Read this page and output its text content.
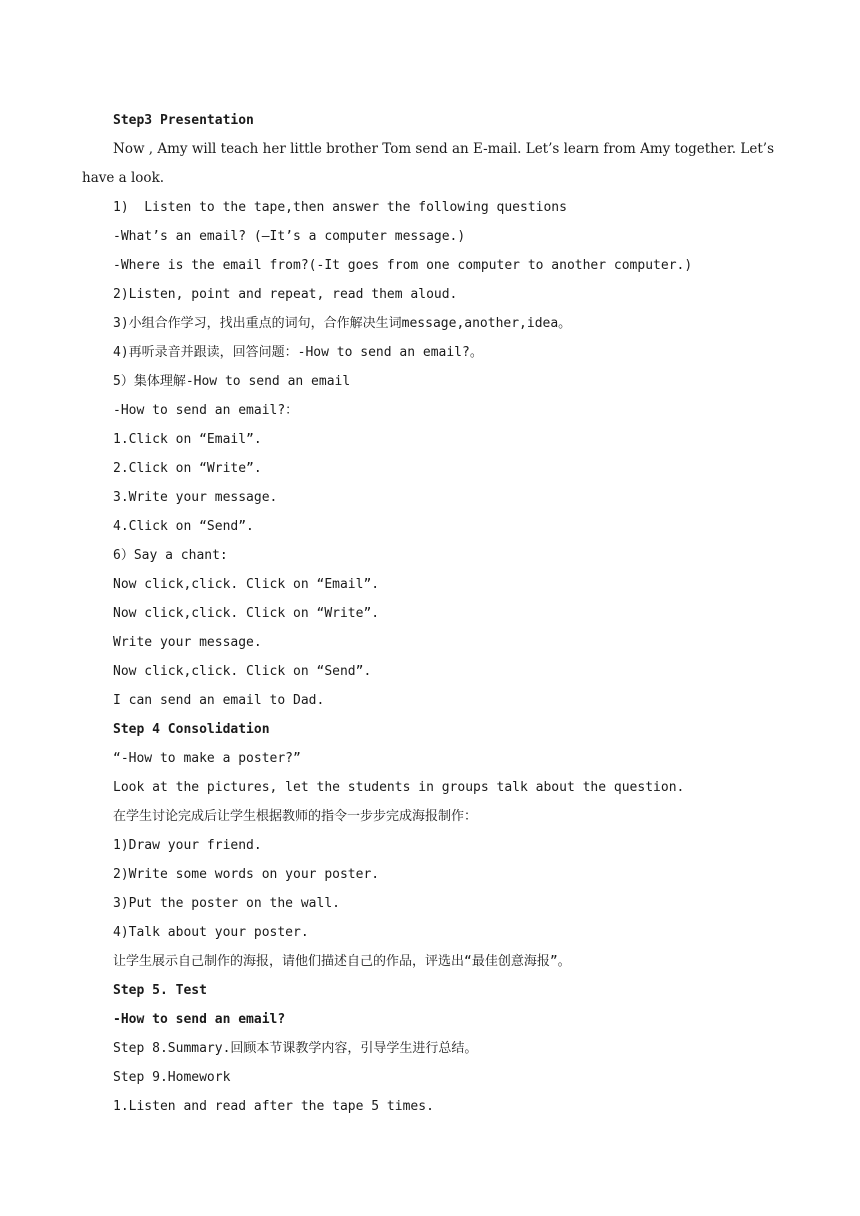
Step3 Presentation
Now , Amy will teach her little brother Tom send an E-mail. Let’s learn from Amy together. Let’s have a look.
1)  Listen to the tape,then answer the following questions
-What’s an email? (—It’s a computer message.)
-Where is the email from?(-It goes from one computer to another computer.)
2)Listen, point and repeat, read them aloud.
3)小组合作学习，找出重点的词句，合作解决生词message,another,idea。
4)再听录音并跟读，回答问题：-How to send an email?。
5）集体理解-How to send an email
-How to send an email?：
1.Click on “Email”.
2.Click on “Write”.
3.Write your message.
4.Click on “Send”.
6）Say a chant:
Now click,click. Click on “Email”.
Now click,click. Click on “Write”.
Write your message.
Now click,click. Click on “Send”.
I can send an email to Dad.
Step 4 Consolidation
“-How to make a poster?”
Look at the pictures, let the students in groups talk about the question.
在学生讨论完成后让学生根据教师的指令一步步完成海报制作：
1)Draw your friend.
2)Write some words on your poster.
3)Put the poster on the wall.
4)Talk about your poster.
让学生展示自己制作的海报，请他们描述自己的作品，评选出“最佳创意海报”。
Step 5. Test
-How to send an email?
Step 8.Summary.回顾本节课教学内容，引导学生进行总结。
Step 9.Homework
1.Listen and read after the tape 5 times.
